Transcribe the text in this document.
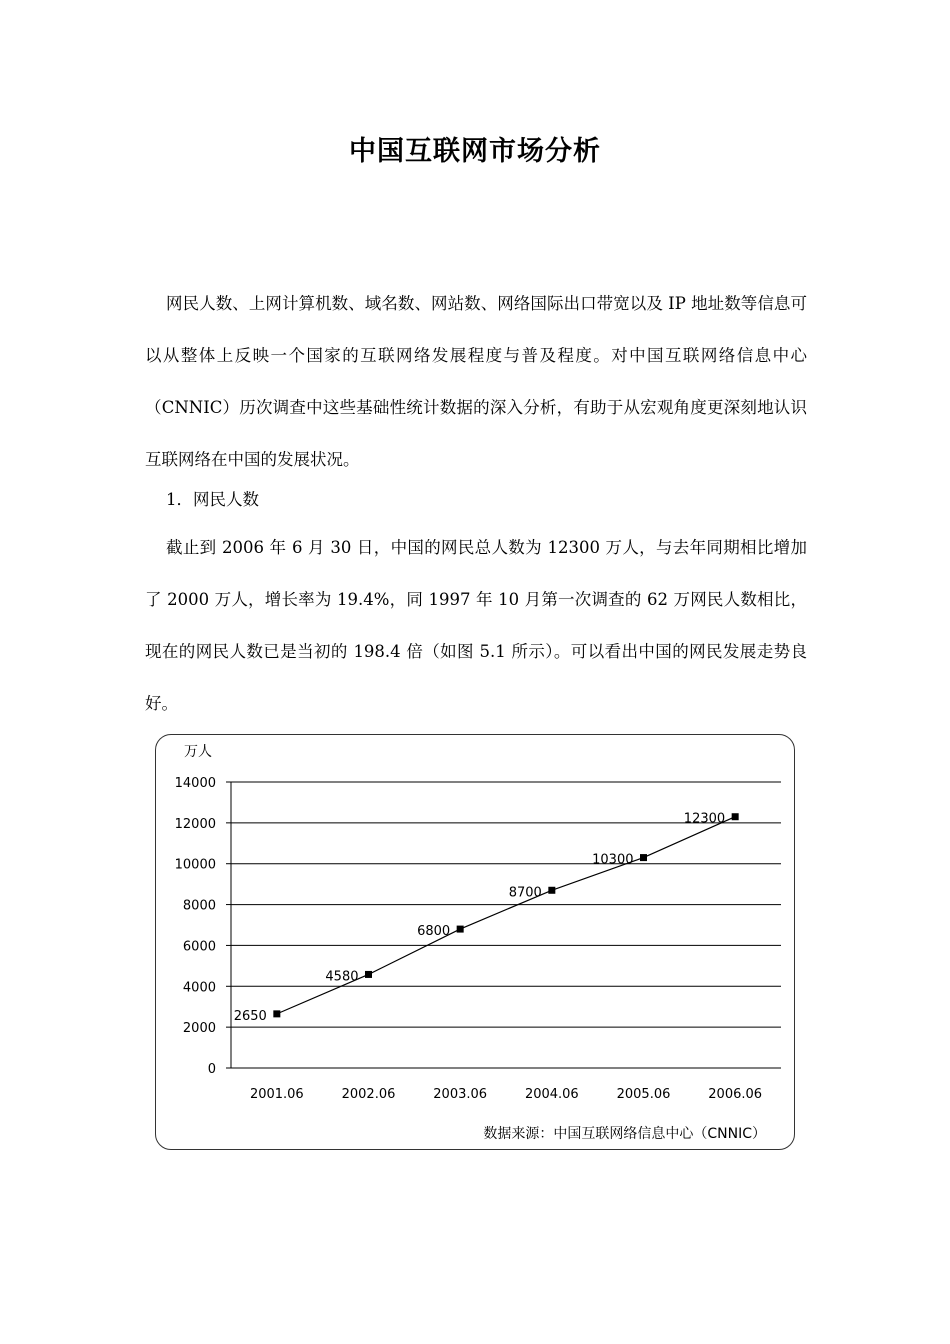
中国互联网市场分析

网民人数、上网计算机数、域名数、网站数、网络国际出口带宽以及 IP 地址数等信息可以从整体上反映一个国家的互联网络发展程度与普及程度。对中国互联网络信息中心（CNNIC）历次调查中这些基础性统计数据的深入分析，有助于从宏观角度更深刻地认识互联网络在中国的发展状况。

1．网民人数

截止到 2006 年 6 月 30 日，中国的网民总人数为 12300 万人，与去年同期相比增加了 2000 万人，增长率为 19.4%，同 1997 年 10 月第一次调查的 62 万网民人数相比，现在的网民人数已是当初的 198.4 倍（如图 5.1 所示）。可以看出中国的网民发展走势良好。

0
2000
4000
6000
8000
10000
12000
14000
万人
2001.06	2002.06	2003.06	2004.06	2005.06	2006.06
2650
4580
6800
8700
10300
12300
数据来源：中国互联网络信息中心（CNNIC）
